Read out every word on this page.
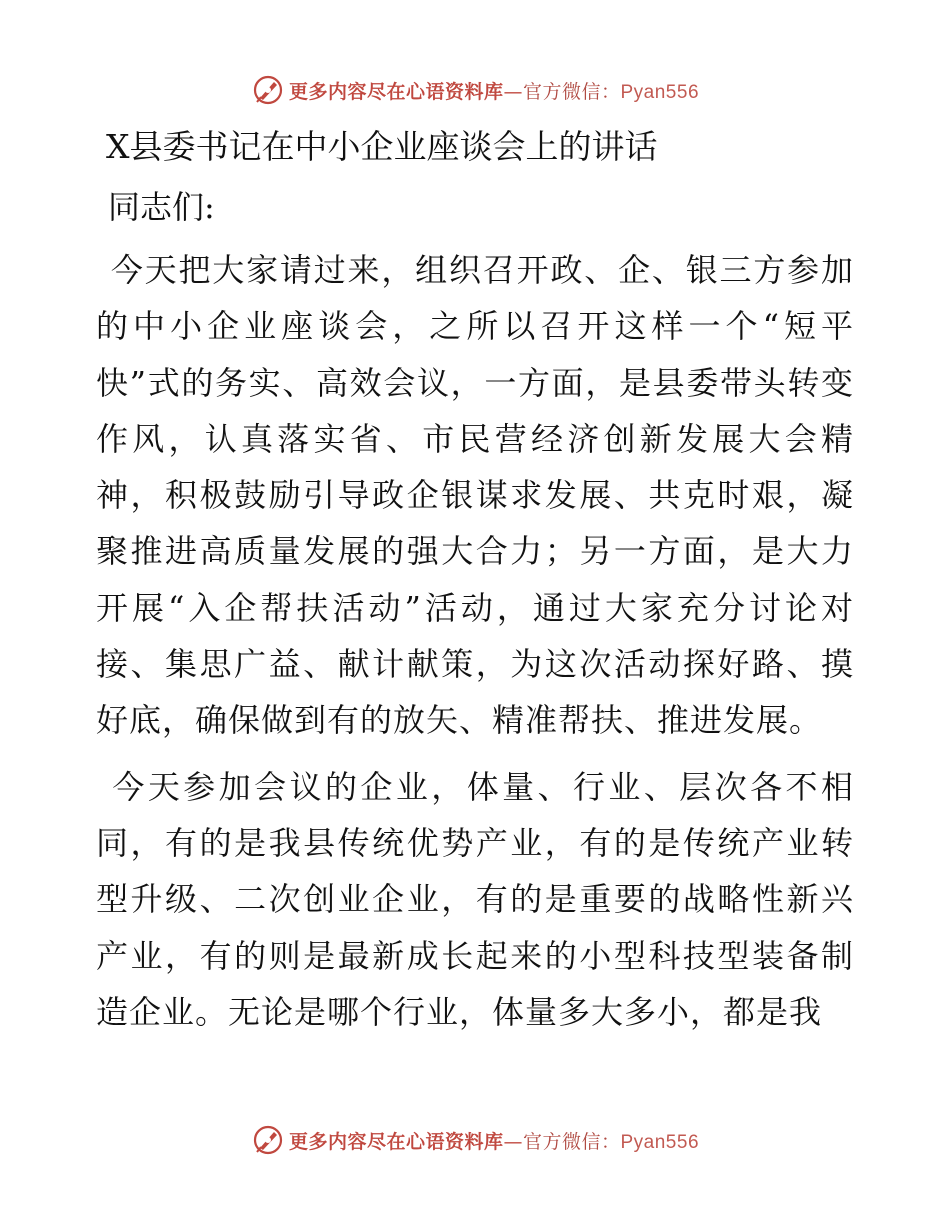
更多内容尽在心语资料库—官方微信：Pyan556
X县委书记在中小企业座谈会上的讲话
同志们:

今天把大家请过来，组织召开政、企、银三方参加的中小企业座谈会，之所以召开这样一个“短平快”式的务实、高效会议，一方面，是县委带头转变作风，认真落实省、市民营经济创新发展大会精神，积极鼓励引导政企银谋求发展、共克时艰，凝聚推进高质量发展的强大合力；另一方面，是大力开展“入企帮扶活动”活动，通过大家充分讨论对接、集思广益、献计献策，为这次活动探好路、摸好底，确保做到有的放矢、精准帮扶、推进发展。

今天参加会议的企业，体量、行业、层次各不相同，有的是我县传统优势产业，有的是传统产业转型升级、二次创业企业，有的是重要的战略性新兴产业，有的则是最新成长起来的小型科技型装备制造企业。无论是哪个行业，体量多大多小，都是我

更多内容尽在心语资料库—官方微信：Pyan556
